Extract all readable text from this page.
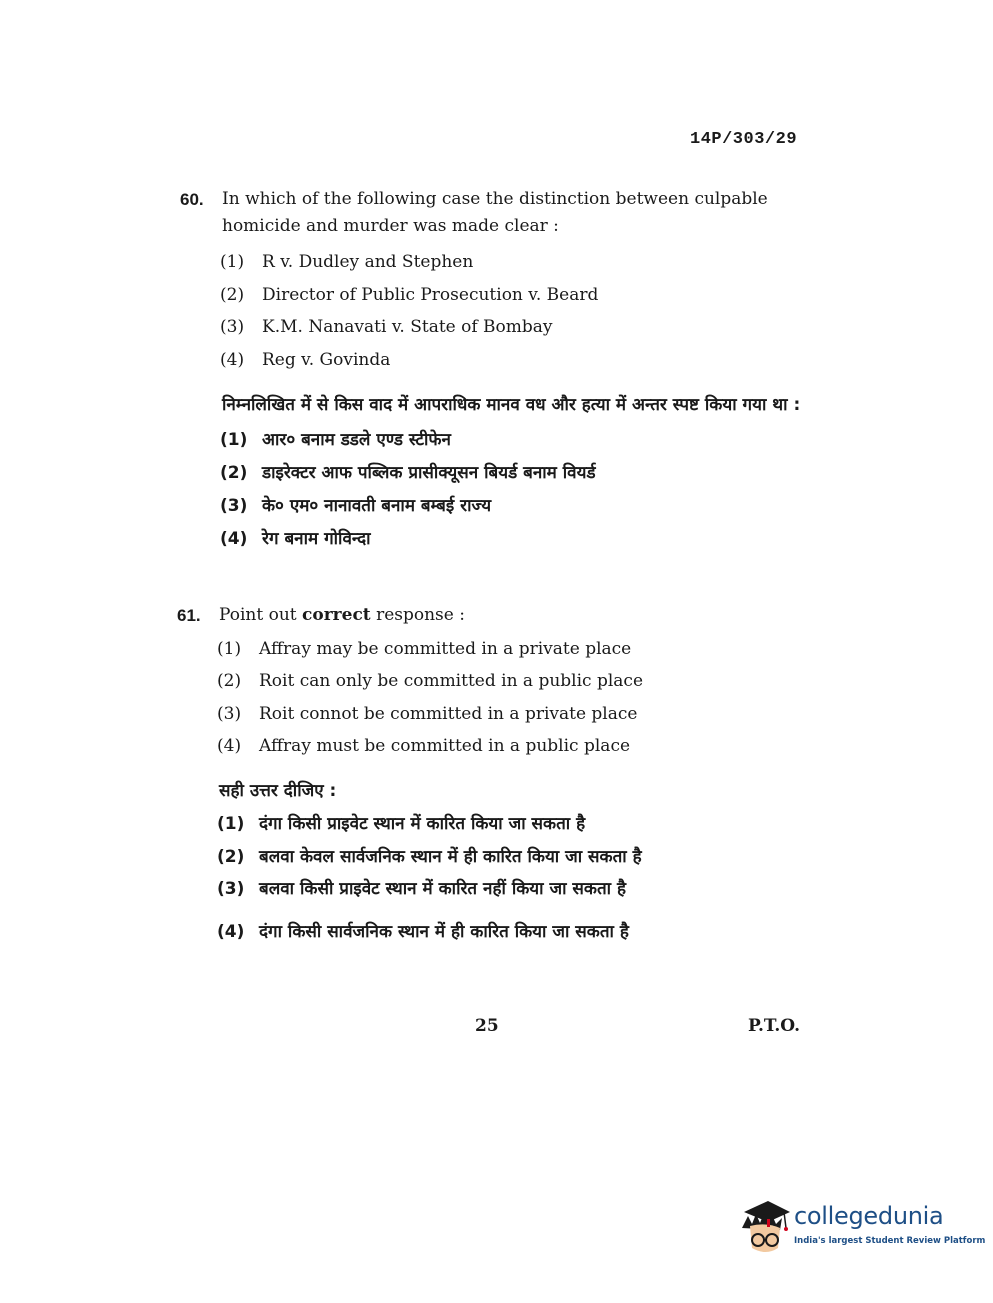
14P/303/29
60. In which of the following case the distinction between culpable homicide and murder was made clear :
(1) R v. Dudley and Stephen
(2) Director of Public Prosecution v. Beard
(3) K.M. Nanavati v. State of Bombay
(4) Reg v. Govinda
निम्नलिखित में से किस वाद में आपराधिक मानव वध और हत्या में अन्तर स्पष्ट किया गया था :
(1) आर० बनाम डडले एण्ड स्टीफेन
(2) डाइरेक्टर आफ पब्लिक प्रासीक्यूसन बियर्ड बनाम वियर्ड
(3) के० एम० नानावती बनाम बम्बई राज्य
(4) रेग बनाम गोविन्दा
61. Point out correct response :
(1) Affray may be committed in a private place
(2) Roit can only be committed in a public place
(3) Roit connot be committed in a private place
(4) Affray must be committed in a public place
सही उत्तर दीजिए :
(1) दंगा किसी प्राइवेट स्थान में कारित किया जा सकता है
(2) बलवा केवल सार्वजनिक स्थान में ही कारित किया जा सकता है
(3) बलवा किसी प्राइवेट स्थान में कारित नहीं किया जा सकता है
(4) दंगा किसी सार्वजनिक स्थान में ही कारित किया जा सकता है
25	P.T.O.
collegedunia
India's largest Student Review Platform
